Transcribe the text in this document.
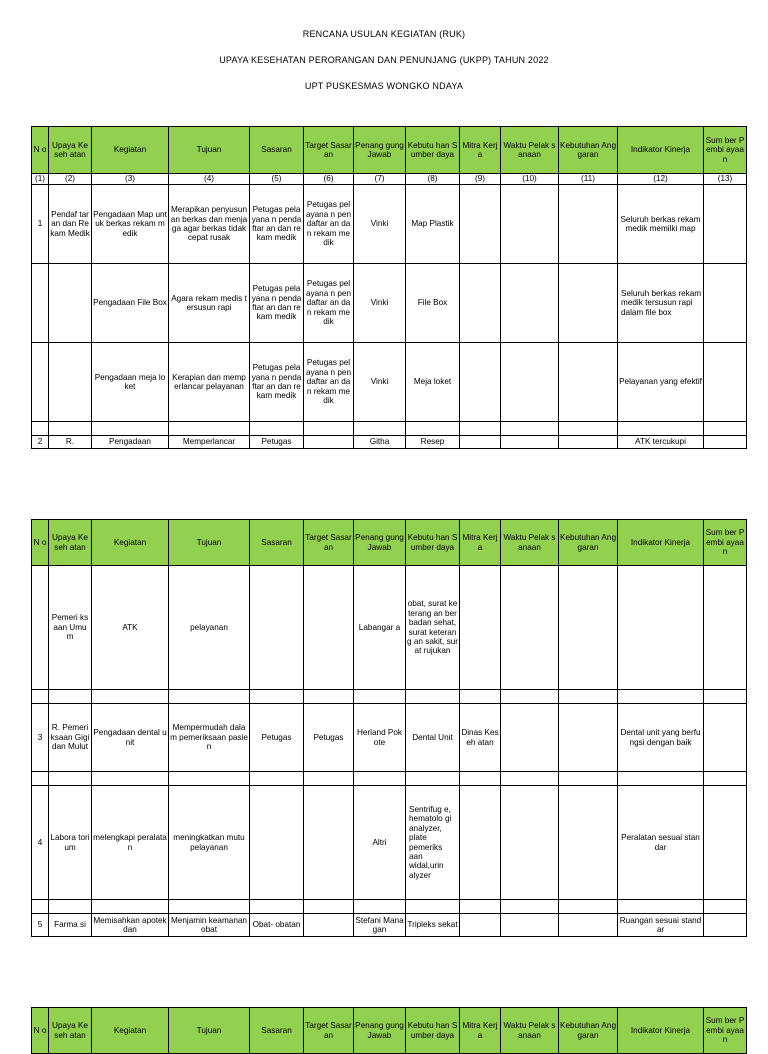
RENCANA USULAN KEGIATAN (RUK)
UPAYA KESEHATAN PERORANGAN DAN PENUNJANG (UKPP) TAHUN 2022
UPT PUSKESMAS WONGKO NDAYA
N o	Upaya Keseh atan	Kegiatan	Tujuan	Sasaran	Target Sasaran	Penang gung Jawab	Kebutu han Sumber daya	Mitra Kerja	Waktu Pelak sanaan	Kebutuhan Anggaran	Indikator Kinerja	Sum ber Pembi ayaan
(1)	(2)	(3)	(4)	(5)	(6)	(7)	(8)	(9)	(10)	(11)	(12)	(13)
1	Pendaf taran dan Rekam Medik	Pengadaan Map untuk berkas rekam medik	Merapikan penyusunan berkas dan menjaga agar berkas tidak cepat rusak	Petugas pelayana n pendaftar an dan rekam medik	Petugas pelayana n pendaftar an dan rekam medik	Vinki	Map Plastik				Seluruh berkas rekam medik memilki map	
		Pengadaan File Box	Agara rekam medis tersusun rapi	Petugas pelayana n pendaftar an dan rekam medik	Petugas pelayana n pendaftar an dan rekam medik	Vinki	File Box				Seluruh berkas rekam medik tersusun rapi dalam file box	
		Pengadaan meja loket	Kerapian dan memperlancar pelayanan	Petugas pelayana n pendaftar an dan rekam medik	Petugas pelayana n pendaftar an dan rekam medik	Vinki	Meja loket				Pelayanan yang efektif	

2	R.	Pengadaan	Memperlancar	Petugas		Githa	Resep				ATK tercukupi	
N o	Upaya Keseh atan	Kegiatan	Tujuan	Sasaran	Target Sasaran	Penang gung Jawab	Kebutu han Sumber daya	Mitra Kerja	Waktu Pelak sanaan	Kebutuhan Anggaran	Indikator Kinerja	Sum ber Pembi ayaan
	Pemeri ksaan Umum	ATK	pelayanan			Labangar a	obat, surat keterang an berbadan sehat, surat keterang an sakit, surat rujukan					

3	R. Pemeri ksaan Gigi dan Mulut	Pengadaan dental unit	Mempermudah dalam pemeriksaan pasien	Petugas	Petugas	Herland Pokote	Dental Unit	Dinas Keseh atan			Dental unit yang berfungsi dengan baik	

4	Labora torium	melengkapi peralatan	meningkatkan mutu pelayanan			Altri	Sentrifug e, hematolo gi analyzer, plate pemeriks aan widal,urin alyzer				Peralatan sesuai standar	

5	Farma si	Memisahkan apotek dan	Menjamin keamanan obat	Obat- obatan		Stefani Managan	Tripleks sekat				Ruangan sesuai standar	
N o	Upaya Keseh atan	Kegiatan	Tujuan	Sasaran	Target Sasaran	Penang gung Jawab	Kebutu han Sumber daya	Mitra Kerja	Waktu Pelak sanaan	Kebutuhan Anggaran	Indikator Kinerja	Sum ber Pembi ayaan
